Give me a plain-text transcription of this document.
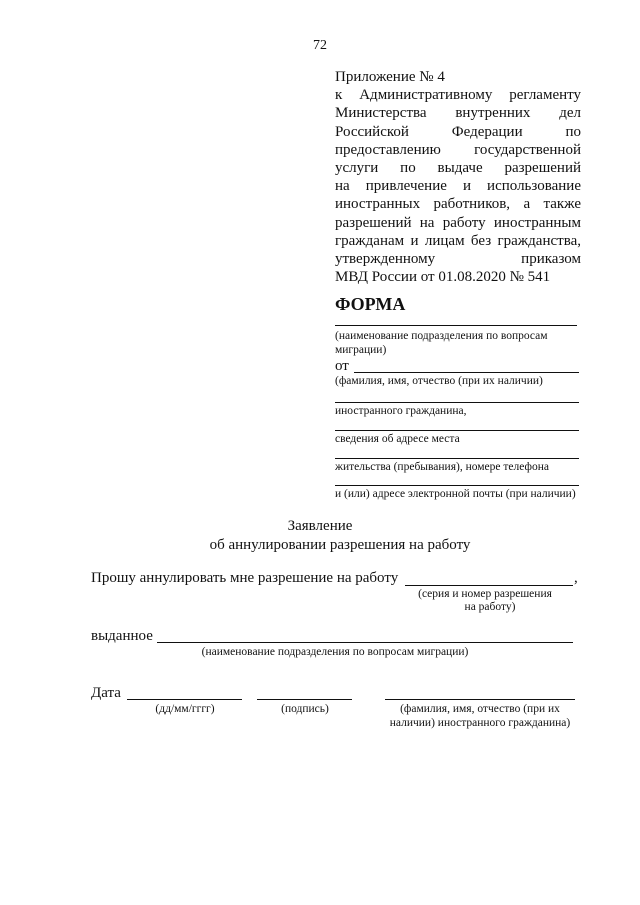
72
Приложение № 4
к Административному регламенту
Министерства внутренних дел
Российской Федерации по
предоставлению государственной
услуги по выдаче разрешений
на привлечение и использование
иностранных работников, а также
разрешений на работу иностранным
гражданам и лицам без гражданства,
утвержденному приказом
МВД России от 01.08.2020 № 541
ФОРМА
(наименование подразделения по вопросам миграции)
от
(фамилия, имя, отчество (при их наличии)
иностранного гражданина,
сведения об адресе места
жительства (пребывания), номере телефона
и (или) адресе электронной почты (при наличии)
Заявление
об аннулировании разрешения на работу
Прошу аннулировать мне разрешение на работу	,
(серия и номер разрешения
на работу)
выданное
(наименование подразделения по вопросам миграции)
Дата
(дд/мм/гггг)	(подпись)	(фамилия, имя, отчество (при их
наличии) иностранного гражданина)
